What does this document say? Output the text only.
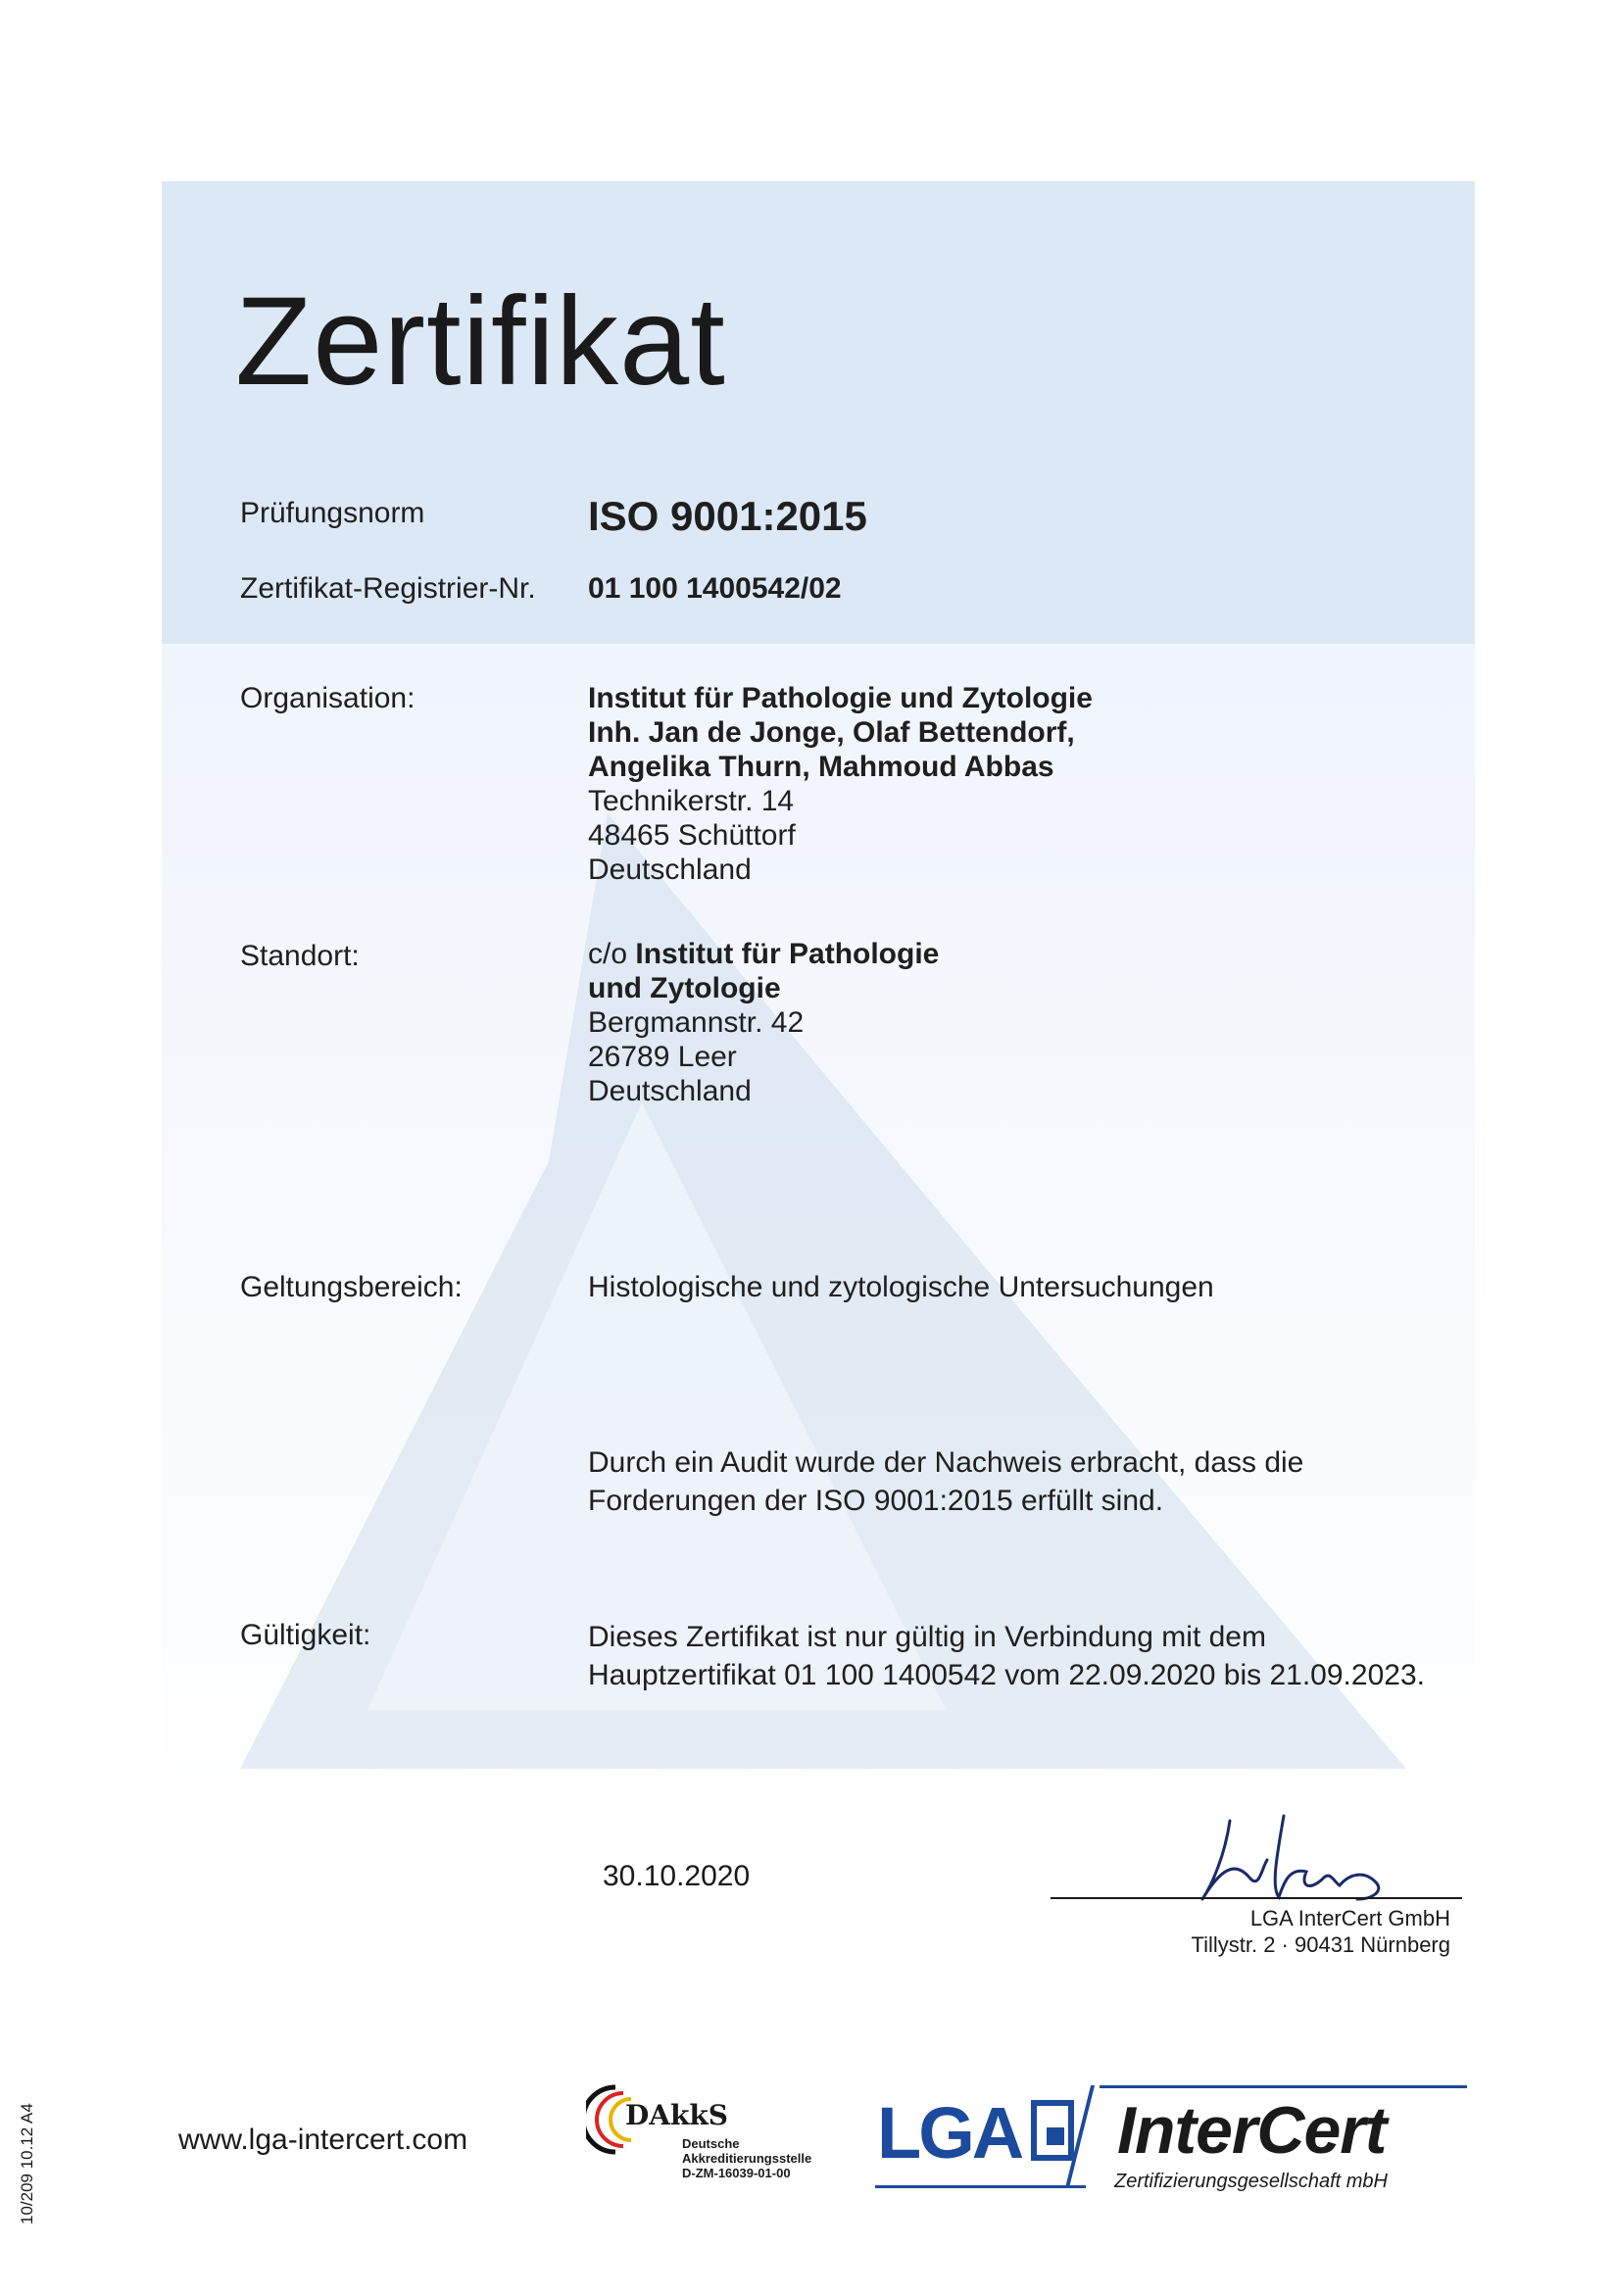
Zertifikat
Prüfungsnorm	ISO 9001:2015
Zertifikat-Registrier-Nr. 01 100 1400542/02
Organisation:	Institut für Pathologie und Zytologie
Inh. Jan de Jonge, Olaf Bettendorf,
Angelika Thurn, Mahmoud Abbas
Technikerstr. 14
48465 Schüttorf
Deutschland
Standort:	c/o Institut für Pathologie
und Zytologie
Bergmannstr. 42
26789 Leer
Deutschland
Geltungsbereich:	Histologische und zytologische Untersuchungen
Durch ein Audit wurde der Nachweis erbracht, dass die
Forderungen der ISO 9001:2015 erfüllt sind.
Gültigkeit:	Dieses Zertifikat ist nur gültig in Verbindung mit dem
Hauptzertifikat 01 100 1400542 vom 22.09.2020 bis 21.09.2023.
30.10.2020
LGA InterCert GmbH
Tillystr. 2 · 90431 Nürnberg
www.lga-intercert.com
10/209 10.12 A4	DAkkS
Deutsche
Akkreditierungsstelle
D-ZM-16039-01-00 LGA InterCert
Zertifizierungsgesellschaft mbH
